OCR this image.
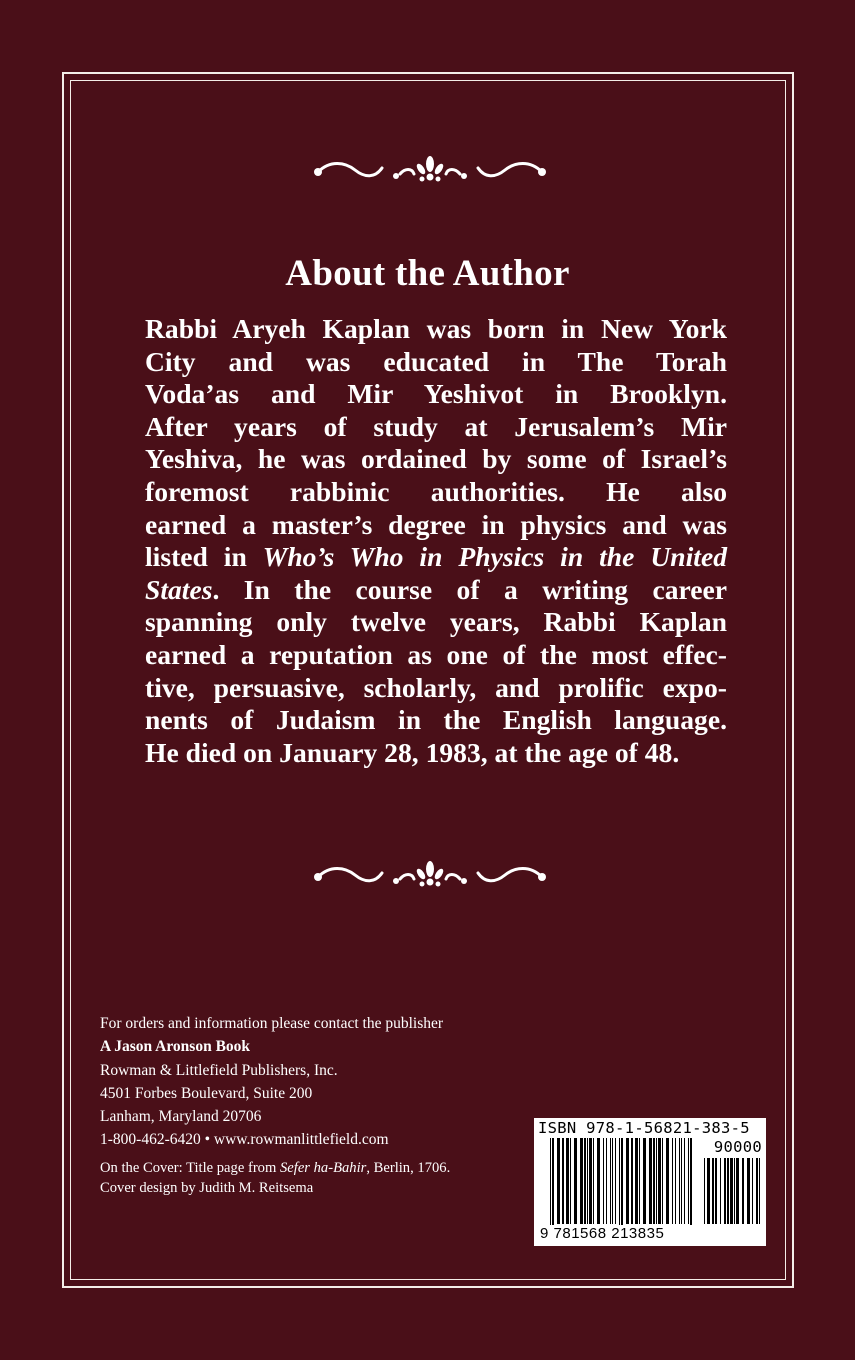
About the Author
Rabbi Aryeh Kaplan was born in New York
City and was educated in The Torah
Voda’as and Mir Yeshivot in Brooklyn.
After years of study at Jerusalem’s Mir
Yeshiva, he was ordained by some of Israel’s
foremost rabbinic authorities. He also
earned a master’s degree in physics and was
listed in Who’s Who in Physics in the United
States. In the course of a writing career
spanning only twelve years, Rabbi Kaplan
earned a reputation as one of the most effec-
tive, persuasive, scholarly, and prolific expo-
nents of Judaism in the English language.
He died on January 28, 1983, at the age of 48.
For orders and information please contact the publisher
A Jason Aronson Book
Rowman & Littlefield Publishers, Inc.
4501 Forbes Boulevard, Suite 200
Lanham, Maryland 20706
1-800-462-6420 • www.rowmanlittlefield.com
On the Cover: Title page from Sefer ha-Bahir, Berlin, 1706.
Cover design by Judith M. Reitsema
ISBN 978-1-56821-383-5
90000
9 781568 213835
